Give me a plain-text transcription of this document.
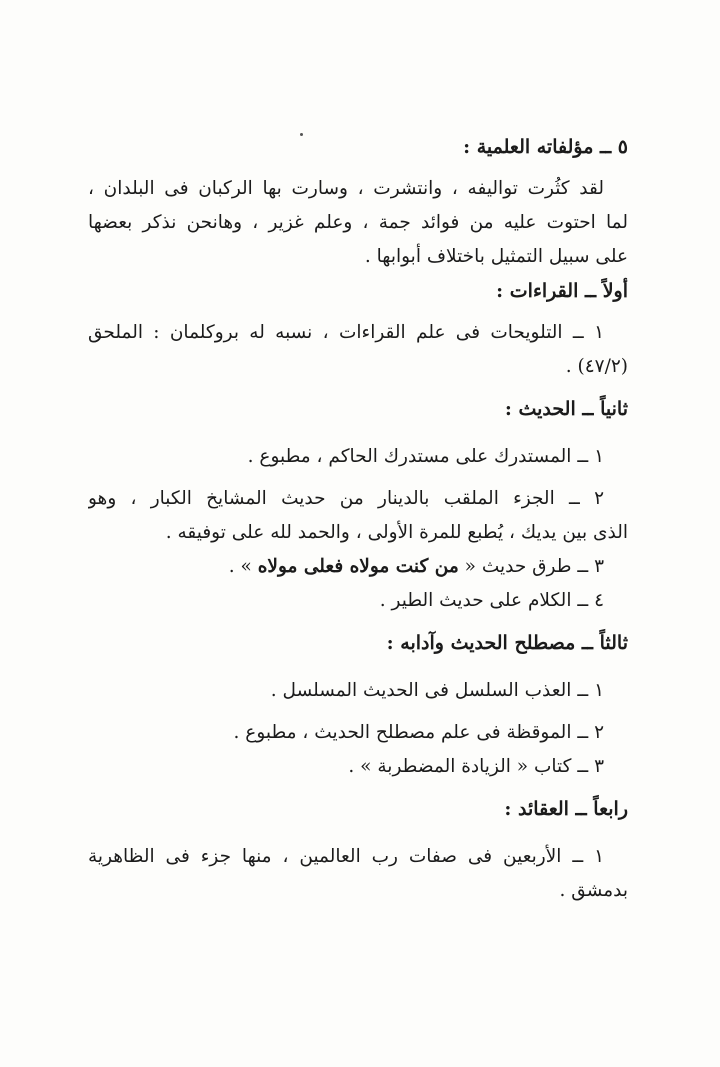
٥ ــ مؤلفاته العلمية :
لقد كثُرت تواليفه ، وانتشرت ، وسارت بها الركبان فى البلدان ،
لما احتوت عليه من فوائد جمة ، وعلم غزير ، وهانحن نذكر بعضها
على سبيل التمثيل باختلاف أبوابها .
أولاً ــ القراءات :
١ ــ التلويحات فى علم القراءات ، نسبه له بروكلمان : الملحق
(٤٧/٢) .
ثانياً ــ الحديث :
١ ــ المستدرك على مستدرك الحاكم ، مطبوع .
٢ ــ الجزء الملقب بالدينار من حديث المشايخ الكبار ، وهو
الذى بين يديك ، يُطبع للمرة الأولى ، والحمد لله على توفيقه .
٣ ــ طرق حديث « من كنت مولاه فعلى مولاه » .
٤ ــ الكلام على حديث الطير .
ثالثاً ــ مصطلح الحديث وآدابه :
١ ــ العذب السلسل فى الحديث المسلسل .
٢ ــ الموقظة فى علم مصطلح الحديث ، مطبوع .
٣ ــ كتاب « الزيادة المضطربة » .
رابعاً ــ العقائد :
١ ــ الأربعين فى صفات رب العالمين ، منها جزء فى الظاهرية
بدمشق .
